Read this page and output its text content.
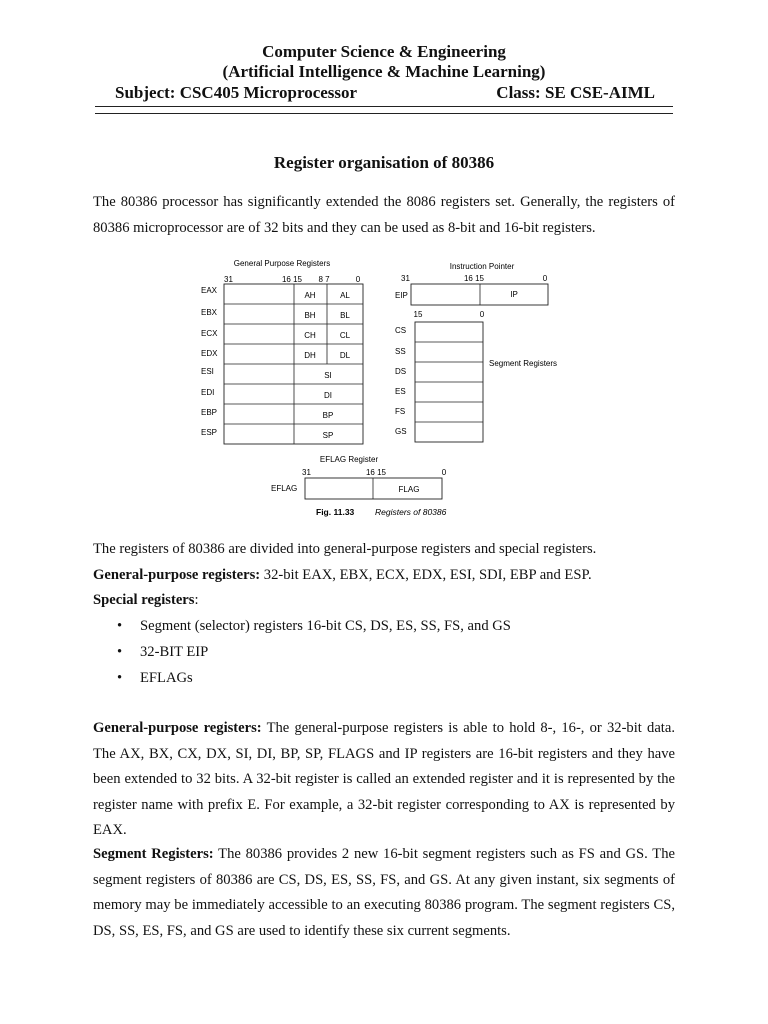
Computer Science & Engineering
(Artificial Intelligence & Machine Learning)
Subject: CSC405 Microprocessor	Class: SE CSE-AIML
Register organisation of 80386
The 80386 processor has significantly extended the 8086 registers set. Generally, the registers of 80386 microprocessor are of 32 bits and they can be used as 8-bit and 16-bit registers.
General Purpose Registers
31	16 15 8 7	0
EAX
EBX
ECX
EDX
ESI
EDI
EBP
ESP
AH	AL
BH	BL
CH	CL
DH	DL
SI
DI
BP
SP
Instruction Pointer
31	16 15	0
EIP	IP
15	0
CS
SS
DS
ES
FS
GS
Segment Registers
EFLAG Register
31	16 15	0
EFLAG	FLAG
Fig. 11.33 Registers of 80386
The registers of 80386 are divided into general-purpose registers and special registers.
General-purpose registers: 32-bit EAX, EBX, ECX, EDX, ESI, SDI, EBP and ESP.
Special registers:
• Segment (selector) registers 16-bit CS, DS, ES, SS, FS, and GS
• 32-BIT EIP
• EFLAGs
General-purpose registers: The general-purpose registers is able to hold 8-, 16-, or 32-bit data. The AX, BX, CX, DX, SI, DI, BP, SP, FLAGS and IP registers are 16-bit registers and they have been extended to 32 bits. A 32-bit register is called an extended register and it is represented by the register name with prefix E. For example, a 32-bit register corresponding to AX is represented by EAX.
Segment Registers: The 80386 provides 2 new 16-bit segment registers such as FS and GS. The segment registers of 80386 are CS, DS, ES, SS, FS, and GS. At any given instant, six segments of memory may be immediately accessible to an executing 80386 program. The segment registers CS, DS, SS, ES, FS, and GS are used to identify these six current segments.
